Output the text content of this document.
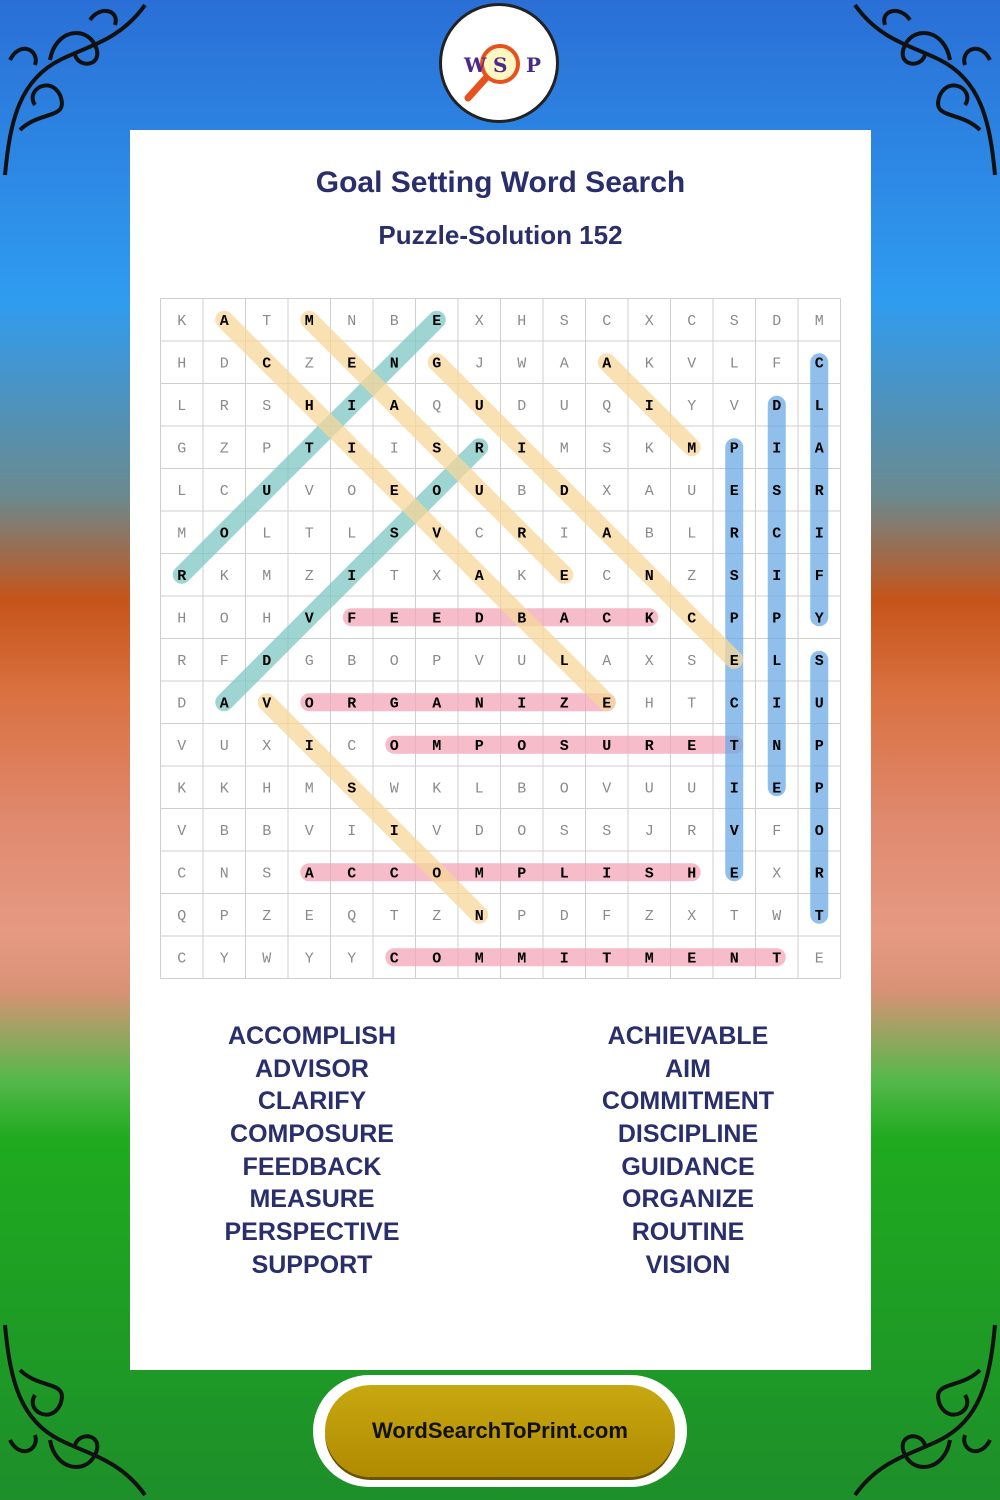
W S P
Goal Setting Word Search
Puzzle-Solution 152
K A T M N B E X H S C X C S D M
H D C Z E N G J W A A K V L F C
L R S H I A Q U D U Q I Y V D L
G Z P T I I S R I M S K M P I A
L C U V O E O U B D X A U E S R
M O L T L S V C R I A B L R C I
R K M Z I T X A K E C N Z S I F
H O H V F E E D B A C K C P P Y
R F D G B O P V U L A X S E L S
D A V O R G A N I Z E H T C I U
V U X I C O M P O S U R E T N P
K K H M S W K L B O V U U I E P
V B B V I I V D O S S J R V F O
C N S A C C O M P L I S H E X R
Q P Z E Q T Z N P D F Z X T W T
C Y W Y Y C O M M I T M E N T E
ACCOMPLISH
ADVISOR
CLARIFY
COMPOSURE
FEEDBACK
MEASURE
PERSPECTIVE
SUPPORT
ACHIEVABLE
AIM
COMMITMENT
DISCIPLINE
GUIDANCE
ORGANIZE
ROUTINE
VISION
WordSearchToPrint.com
